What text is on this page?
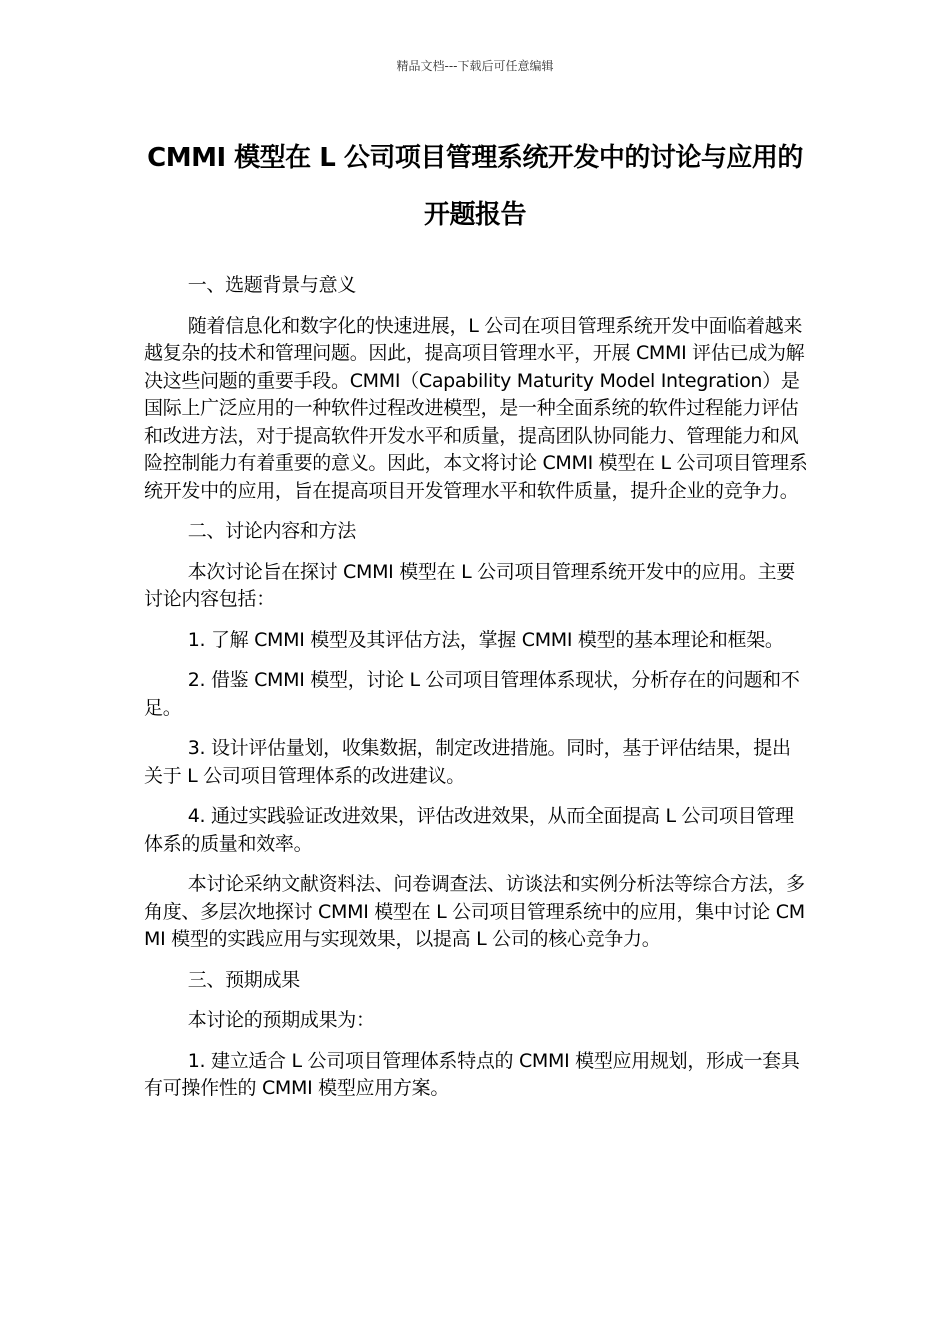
精品文档---下载后可任意编辑
CMMI 模型在 L 公司项目管理系统开发中的讨论与应用的开题报告

一、选题背景与意义

随着信息化和数字化的快速进展，L 公司在项目管理系统开发中面临着越来越复杂的技术和管理问题。因此，提高项目管理水平，开展 CMMI 评估已成为解决这些问题的重要手段。CMMI（Capability Maturity Model Integration）是国际上广泛应用的一种软件过程改进模型，是一种全面系统的软件过程能力评估和改进方法，对于提高软件开发水平和质量，提高团队协同能力、管理能力和风险控制能力有着重要的意义。因此，本文将讨论 CMMI 模型在 L 公司项目管理系统开发中的应用，旨在提高项目开发管理水平和软件质量，提升企业的竞争力。

二、讨论内容和方法

本次讨论旨在探讨 CMMI 模型在 L 公司项目管理系统开发中的应用。主要讨论内容包括：

1. 了解 CMMI 模型及其评估方法，掌握 CMMI 模型的基本理论和框架。

2. 借鉴 CMMI 模型，讨论 L 公司项目管理体系现状，分析存在的问题和不足。

3. 设计评估量划，收集数据，制定改进措施。同时，基于评估结果，提出关于 L 公司项目管理体系的改进建议。

4. 通过实践验证改进效果，评估改进效果，从而全面提高 L 公司项目管理体系的质量和效率。

本讨论采纳文献资料法、问卷调查法、访谈法和实例分析法等综合方法，多角度、多层次地探讨 CMMI 模型在 L 公司项目管理系统中的应用，集中讨论 CMMI 模型的实践应用与实现效果，以提高 L 公司的核心竞争力。

三、预期成果

本讨论的预期成果为：

1. 建立适合 L 公司项目管理体系特点的 CMMI 模型应用规划，形成一套具有可操作性的 CMMI 模型应用方案。
